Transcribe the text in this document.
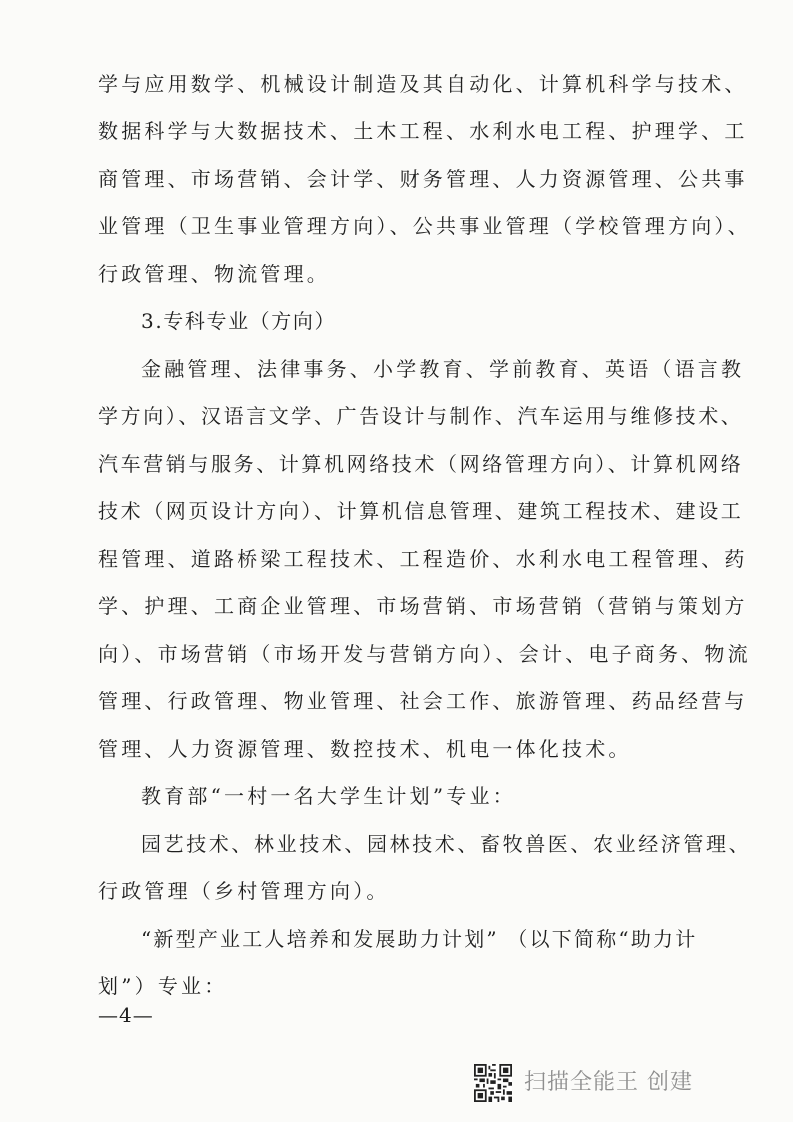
学与应用数学、机械设计制造及其自动化、计算机科学与技术、
数据科学与大数据技术、土木工程、水利水电工程、护理学、工
商管理、市场营销、会计学、财务管理、人力资源管理、公共事
业管理（卫生事业管理方向）、公共事业管理（学校管理方向）、
行政管理、物流管理。
3.专科专业（方向）
金融管理、法律事务、小学教育、学前教育、英语（语言教
学方向）、汉语言文学、广告设计与制作、汽车运用与维修技术、
汽车营销与服务、计算机网络技术（网络管理方向）、计算机网络
技术（网页设计方向）、计算机信息管理、建筑工程技术、建设工
程管理、道路桥梁工程技术、工程造价、水利水电工程管理、药
学、护理、工商企业管理、市场营销、市场营销（营销与策划方
向）、市场营销（市场开发与营销方向）、会计、电子商务、物流
管理、行政管理、物业管理、社会工作、旅游管理、药品经营与
管理、人力资源管理、数控技术、机电一体化技术。
教育部“一村一名大学生计划”专业：
园艺技术、林业技术、园林技术、畜牧兽医、农业经济管理、
行政管理（乡村管理方向）。
“新型产业工人培养和发展助力计划” （以下简称“助力计
划”）专业：
—4—
扫描全能王 创建
